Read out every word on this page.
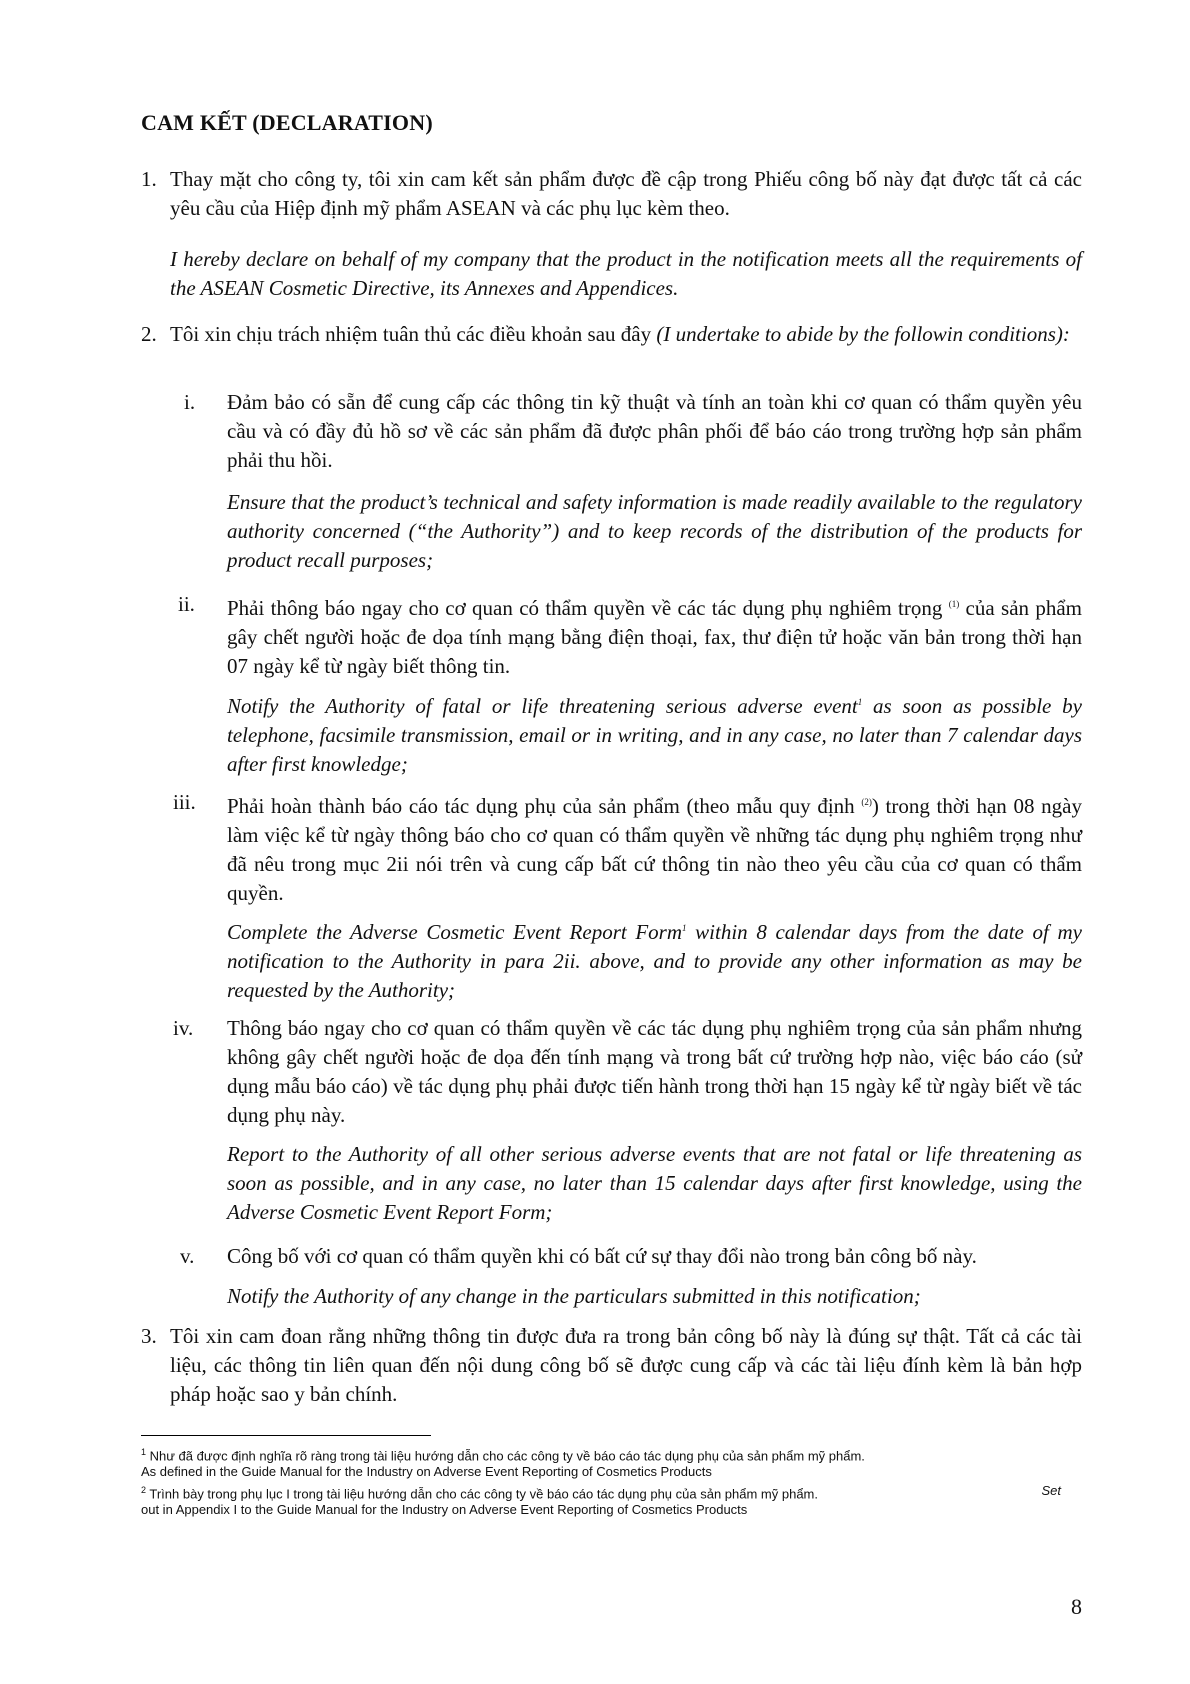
CAM KẾT (DECLARATION)
1. Thay mặt cho công ty, tôi xin cam kết sản phẩm được đề cập trong Phiếu công bố này đạt được tất cả các yêu cầu của Hiệp định mỹ phẩm ASEAN và các phụ lục kèm theo.
I hereby declare on behalf of my company that the product in the notification meets all the requirements of the ASEAN Cosmetic Directive, its Annexes and Appendices.
2. Tôi xin chịu trách nhiệm tuân thủ các điều khoản sau đây (I undertake to abide by the followin conditions):
i. Đảm bảo có sẵn để cung cấp các thông tin kỹ thuật và tính an toàn khi cơ quan có thẩm quyền yêu cầu và có đầy đủ hồ sơ về các sản phẩm đã được phân phối để báo cáo trong trường hợp sản phẩm phải thu hồi.
Ensure that the product’s technical and safety information is made readily available to the regulatory authority concerned (“the Authority”) and to keep records of the distribution of the products for product recall purposes;
ii. Phải thông báo ngay cho cơ quan có thẩm quyền về các tác dụng phụ nghiêm trọng $^{(1)}$ của sản phẩm gây chết người hoặc đe dọa tính mạng bằng điện thoại, fax, thư điện tử hoặc văn bản trong thời hạn 07 ngày kể từ ngày biết thông tin.
Notify the Authority of fatal or life threatening serious adverse event$^1$ as soon as possible by telephone, facsimile transmission, email or in writing, and in any case, no later than 7 calendar days after first knowledge;
iii. Phải hoàn thành báo cáo tác dụng phụ của sản phẩm (theo mẫu quy định $^{(2)}$) trong thời hạn 08 ngày làm việc kể từ ngày thông báo cho cơ quan có thẩm quyền về những tác dụng phụ nghiêm trọng như đã nêu trong mục 2ii nói trên và cung cấp bất cứ thông tin nào theo yêu cầu của cơ quan có thẩm quyền.
Complete the Adverse Cosmetic Event Report Form$^1$ within 8 calendar days from the date of my notification to the Authority in para 2ii. above, and to provide any other information as may be requested by the Authority;
iv. Thông báo ngay cho cơ quan có thẩm quyền về các tác dụng phụ nghiêm trọng của sản phẩm nhưng không gây chết người hoặc đe dọa đến tính mạng và trong bất cứ trường hợp nào, việc báo cáo (sử dụng mẫu báo cáo) về tác dụng phụ phải được tiến hành trong thời hạn 15 ngày kể từ ngày biết về tác dụng phụ này.
Report to the Authority of all other serious adverse events that are not fatal or life threatening as soon as possible, and in any case, no later than 15 calendar days after first knowledge, using the Adverse Cosmetic Event Report Form;
v. Công bố với cơ quan có thẩm quyền khi có bất cứ sự thay đổi nào trong bản công bố này.
Notify the Authority of any change in the particulars submitted in this notification;
3. Tôi xin cam đoan rằng những thông tin được đưa ra trong bản công bố này là đúng sự thật. Tất cả các tài liệu, các thông tin liên quan đến nội dung công bố sẽ được cung cấp và các tài liệu đính kèm là bản hợp pháp hoặc sao y bản chính.
$^1$ Như đã được định nghĩa rõ ràng trong tài liệu hướng dẫn cho các công ty về báo cáo tác dụng phụ của sản phẩm mỹ phẩm.
As defined in the Guide Manual for the Industry on Adverse Event Reporting of Cosmetics Products
$^2$ Trình bày trong phụ lục I trong tài liệu hướng dẫn cho các công ty về báo cáo tác dụng phụ của sản phẩm mỹ phẩm.	Set
out in Appendix I to the Guide Manual for the Industry on Adverse Event Reporting of Cosmetics Products
8
